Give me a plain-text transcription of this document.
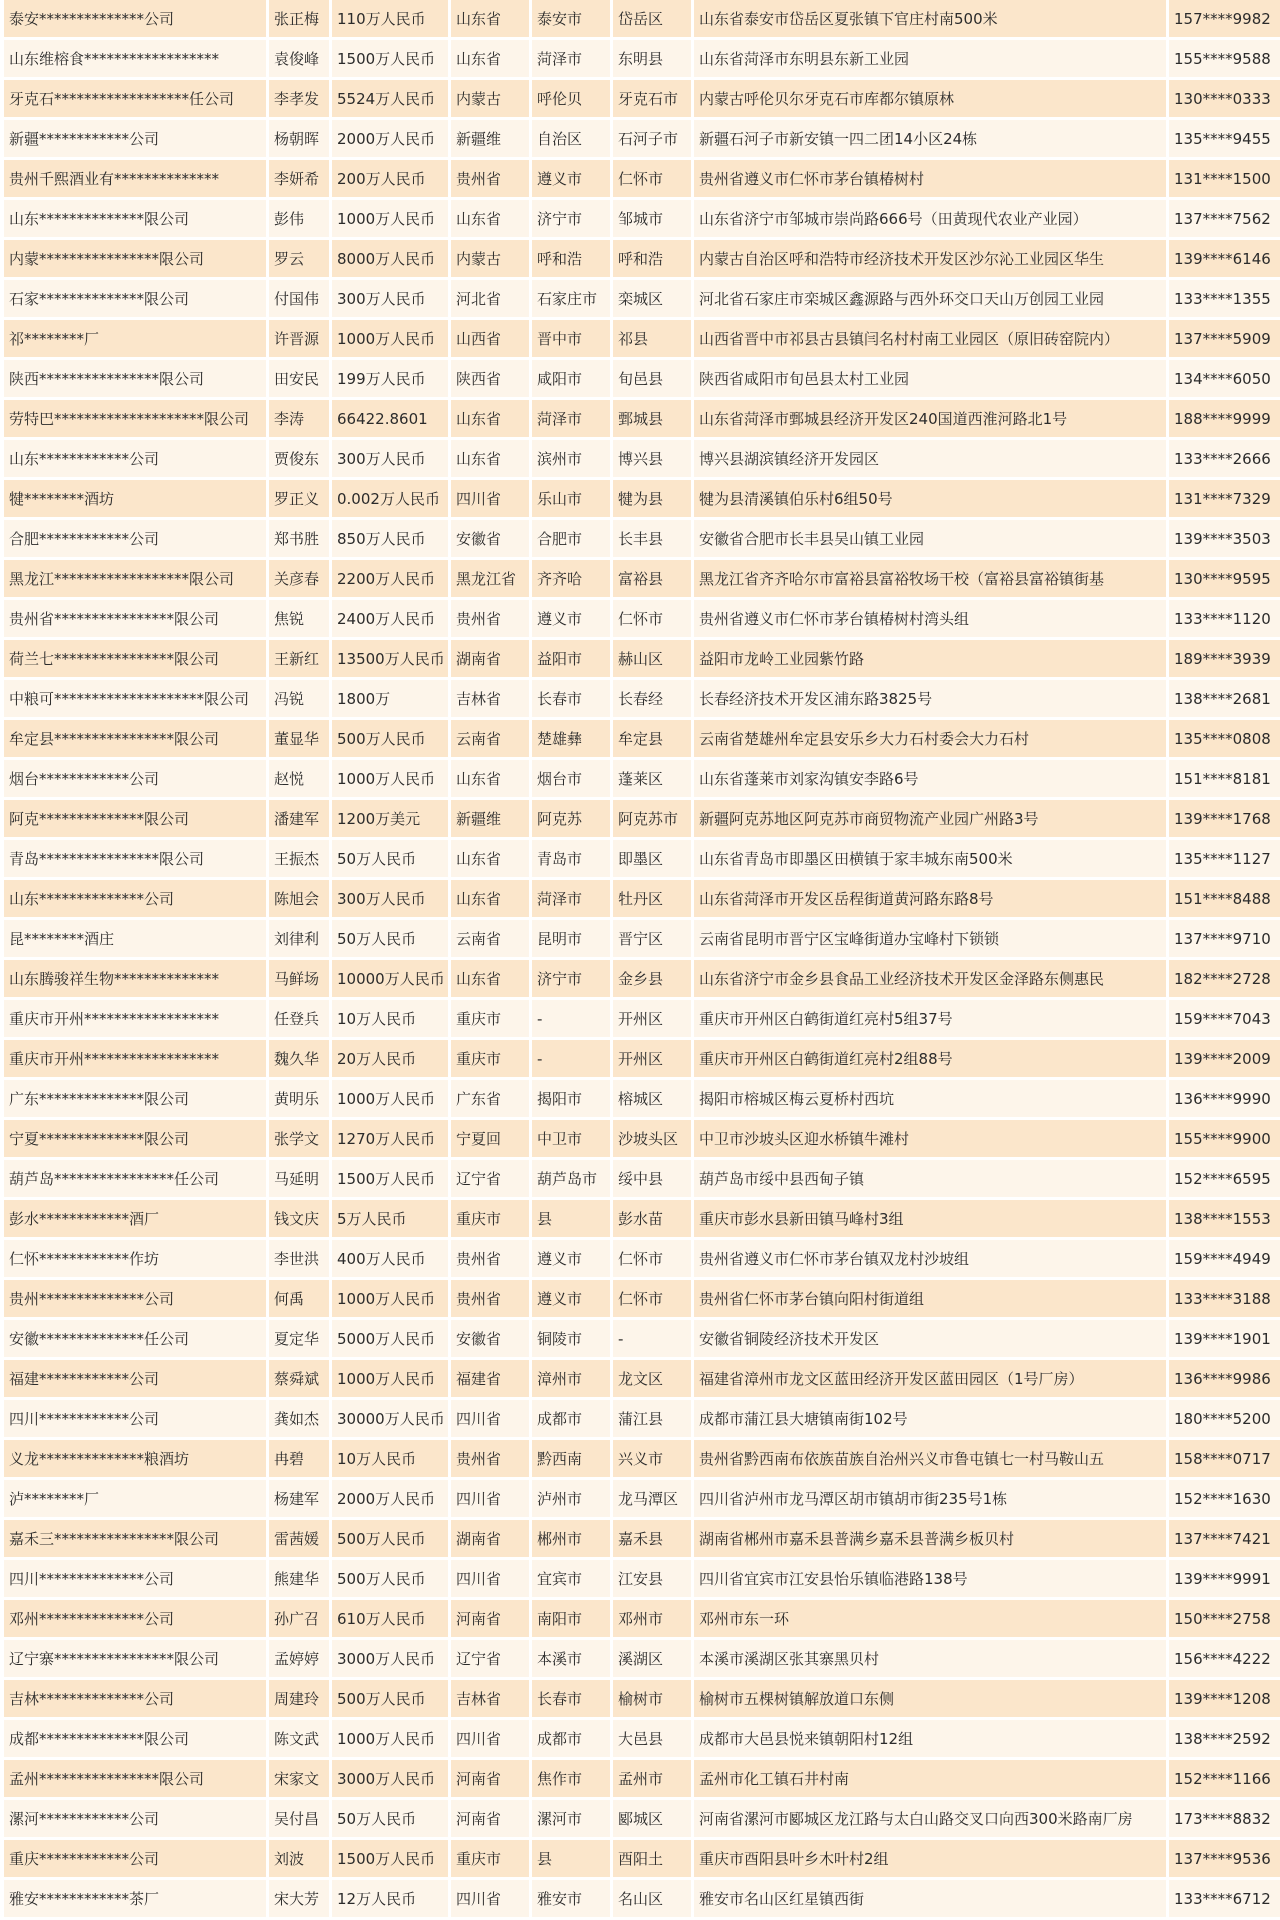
泰安**************公司	张正梅	110万人民币	山东省	泰安市	岱岳区	山东省泰安市岱岳区夏张镇下官庄村南500米	157****9982
山东维榕食******************	袁俊峰	1500万人民币	山东省	菏泽市	东明县	山东省菏泽市东明县东新工业园	155****9588
牙克石******************任公司	李孝发	5524万人民币	内蒙古	呼伦贝	牙克石市	内蒙古呼伦贝尔牙克石市库都尔镇原林	130****0333
新疆************公司	杨朝晖	2000万人民币	新疆维	自治区	石河子市	新疆石河子市新安镇一四二团14小区24栋	135****9455
贵州千熙酒业有**************	李妍希	200万人民币	贵州省	遵义市	仁怀市	贵州省遵义市仁怀市茅台镇椿树村	131****1500
山东**************限公司	彭伟	1000万人民币	山东省	济宁市	邹城市	山东省济宁市邹城市崇尚路666号（田黄现代农业产业园）	137****7562
内蒙****************限公司	罗云	8000万人民币	内蒙古	呼和浩	呼和浩	内蒙古自治区呼和浩特市经济技术开发区沙尔沁工业园区华生	139****6146
石家**************限公司	付国伟	300万人民币	河北省	石家庄市	栾城区	河北省石家庄市栾城区鑫源路与西外环交口天山万创园工业园	133****1355
祁********厂	许晋源	1000万人民币	山西省	晋中市	祁县	山西省晋中市祁县古县镇闫名村村南工业园区（原旧砖窑院内）	137****5909
陕西****************限公司	田安民	199万人民币	陕西省	咸阳市	旬邑县	陕西省咸阳市旬邑县太村工业园	134****6050
劳特巴********************限公司	李涛	66422.8601	山东省	菏泽市	鄄城县	山东省菏泽市鄄城县经济开发区240国道西淮河路北1号	188****9999
山东************公司	贾俊东	300万人民币	山东省	滨州市	博兴县	博兴县湖滨镇经济开发园区	133****2666
犍********酒坊	罗正义	0.002万人民币	四川省	乐山市	犍为县	犍为县清溪镇伯乐村6组50号	131****7329
合肥************公司	郑书胜	850万人民币	安徽省	合肥市	长丰县	安徽省合肥市长丰县吴山镇工业园	139****3503
黑龙江******************限公司	关彦春	2200万人民币	黑龙江省	齐齐哈	富裕县	黑龙江省齐齐哈尔市富裕县富裕牧场干校（富裕县富裕镇街基	130****9595
贵州省****************限公司	焦锐	2400万人民币	贵州省	遵义市	仁怀市	贵州省遵义市仁怀市茅台镇椿树村湾头组	133****1120
荷兰七****************限公司	王新红	13500万人民币	湖南省	益阳市	赫山区	益阳市龙岭工业园紫竹路	189****3939
中粮可********************限公司	冯锐	1800万	吉林省	长春市	长春经	长春经济技术开发区浦东路3825号	138****2681
牟定县****************限公司	董显华	500万人民币	云南省	楚雄彝	牟定县	云南省楚雄州牟定县安乐乡大力石村委会大力石村	135****0808
烟台************公司	赵悦	1000万人民币	山东省	烟台市	蓬莱区	山东省蓬莱市刘家沟镇安李路6号	151****8181
阿克**************限公司	潘建军	1200万美元	新疆维	阿克苏	阿克苏市	新疆阿克苏地区阿克苏市商贸物流产业园广州路3号	139****1768
青岛****************限公司	王振杰	50万人民币	山东省	青岛市	即墨区	山东省青岛市即墨区田横镇于家丰城东南500米	135****1127
山东**************公司	陈旭会	300万人民币	山东省	菏泽市	牡丹区	山东省菏泽市开发区岳程街道黄河路东路8号	151****8488
昆********酒庄	刘律利	50万人民币	云南省	昆明市	晋宁区	云南省昆明市晋宁区宝峰街道办宝峰村下锁锁	137****9710
山东腾骏祥生物**************	马鲜场	10000万人民币	山东省	济宁市	金乡县	山东省济宁市金乡县食品工业经济技术开发区金泽路东侧惠民	182****2728
重庆市开州******************	任登兵	10万人民币	重庆市	-	开州区	重庆市开州区白鹤街道红亮村5组37号	159****7043
重庆市开州******************	魏久华	20万人民币	重庆市	-	开州区	重庆市开州区白鹤街道红亮村2组88号	139****2009
广东**************限公司	黄明乐	1000万人民币	广东省	揭阳市	榕城区	揭阳市榕城区梅云夏桥村西坑	136****9990
宁夏**************限公司	张学文	1270万人民币	宁夏回	中卫市	沙坡头区	中卫市沙坡头区迎水桥镇牛滩村	155****9900
葫芦岛****************任公司	马延明	1500万人民币	辽宁省	葫芦岛市	绥中县	葫芦岛市绥中县西甸子镇	152****6595
彭水************酒厂	钱文庆	5万人民币	重庆市	县	彭水苗	重庆市彭水县新田镇马峰村3组	138****1553
仁怀************作坊	李世洪	400万人民币	贵州省	遵义市	仁怀市	贵州省遵义市仁怀市茅台镇双龙村沙坡组	159****4949
贵州**************公司	何禹	1000万人民币	贵州省	遵义市	仁怀市	贵州省仁怀市茅台镇向阳村街道组	133****3188
安徽**************任公司	夏定华	5000万人民币	安徽省	铜陵市	-	安徽省铜陵经济技术开发区	139****1901
福建************公司	蔡舜斌	1000万人民币	福建省	漳州市	龙文区	福建省漳州市龙文区蓝田经济开发区蓝田园区（1号厂房）	136****9986
四川************公司	龚如杰	30000万人民币	四川省	成都市	蒲江县	成都市蒲江县大塘镇南街102号	180****5200
义龙**************粮酒坊	冉碧	10万人民币	贵州省	黔西南	兴义市	贵州省黔西南布依族苗族自治州兴义市鲁屯镇七一村马鞍山五	158****0717
泸********厂	杨建军	2000万人民币	四川省	泸州市	龙马潭区	四川省泸州市龙马潭区胡市镇胡市街235号1栋	152****1630
嘉禾三****************限公司	雷茜媛	500万人民币	湖南省	郴州市	嘉禾县	湖南省郴州市嘉禾县普满乡嘉禾县普满乡板贝村	137****7421
四川**************公司	熊建华	500万人民币	四川省	宜宾市	江安县	四川省宜宾市江安县怡乐镇临港路138号	139****9991
邓州**************公司	孙广召	610万人民币	河南省	南阳市	邓州市	邓州市东一环	150****2758
辽宁寨****************限公司	孟婷婷	3000万人民币	辽宁省	本溪市	溪湖区	本溪市溪湖区张其寨黑贝村	156****4222
吉林**************公司	周建玲	500万人民币	吉林省	长春市	榆树市	榆树市五棵树镇解放道口东侧	139****1208
成都**************限公司	陈文武	1000万人民币	四川省	成都市	大邑县	成都市大邑县悦来镇朝阳村12组	138****2592
孟州****************限公司	宋家文	3000万人民币	河南省	焦作市	孟州市	孟州市化工镇石井村南	152****1166
漯河************公司	吴付昌	50万人民币	河南省	漯河市	郾城区	河南省漯河市郾城区龙江路与太白山路交叉口向西300米路南厂房	173****8832
重庆************公司	刘波	1500万人民币	重庆市	县	酉阳土	重庆市酉阳县叶乡木叶村2组	137****9536
雅安************茶厂	宋大芳	12万人民币	四川省	雅安市	名山区	雅安市名山区红星镇西街	133****6712
